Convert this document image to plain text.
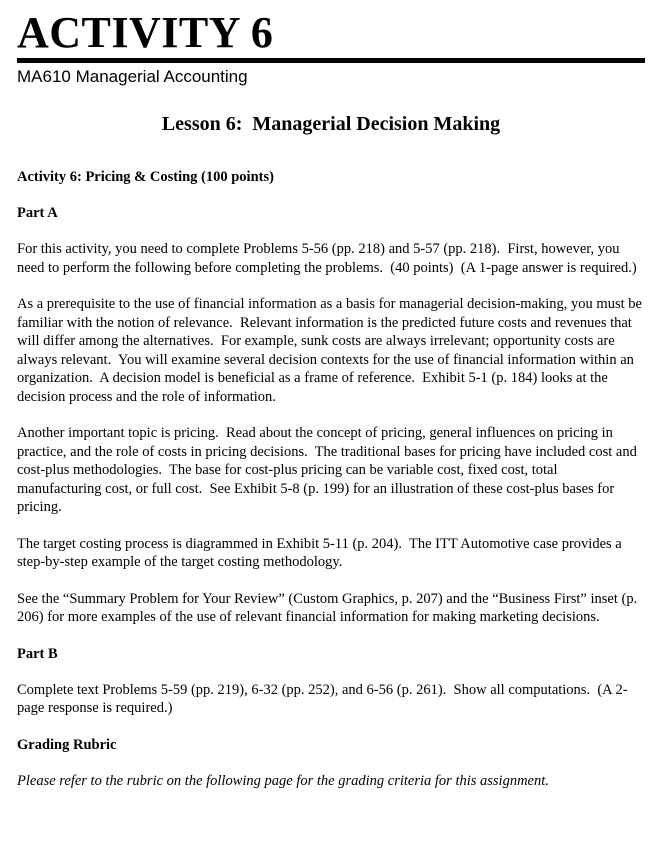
ACTIVITY 6
MA610 Managerial Accounting
Lesson 6:  Managerial Decision Making

Activity 6: Pricing & Costing (100 points)

Part A

For this activity, you need to complete Problems 5-56 (pp. 218) and 5-57 (pp. 218).  First, however, you need to perform the following before completing the problems.  (40 points)  (A 1-page answer is required.)

As a prerequisite to the use of financial information as a basis for managerial decision-making, you must be familiar with the notion of relevance.  Relevant information is the predicted future costs and revenues that will differ among the alternatives.  For example, sunk costs are always irrelevant; opportunity costs are always relevant.  You will examine several decision contexts for the use of financial information within an organization.  A decision model is beneficial as a frame of reference.  Exhibit 5-1 (p. 184) looks at the decision process and the role of information.

Another important topic is pricing.  Read about the concept of pricing, general influences on pricing in practice, and the role of costs in pricing decisions.  The traditional bases for pricing have included cost and cost-plus methodologies.  The base for cost-plus pricing can be variable cost, fixed cost, total manufacturing cost, or full cost.  See Exhibit 5-8 (p. 199) for an illustration of these cost-plus bases for pricing.

The target costing process is diagrammed in Exhibit 5-11 (p. 204).  The ITT Automotive case provides a step-by-step example of the target costing methodology.

See the “Summary Problem for Your Review” (Custom Graphics, p. 207) and the “Business First” inset (p. 206) for more examples of the use of relevant financial information for making marketing decisions.

Part B

Complete text Problems 5-59 (pp. 219), 6-32 (pp. 252), and 6-56 (p. 261).  Show all computations.  (A 2-page response is required.)

Grading Rubric

Please refer to the rubric on the following page for the grading criteria for this assignment.
